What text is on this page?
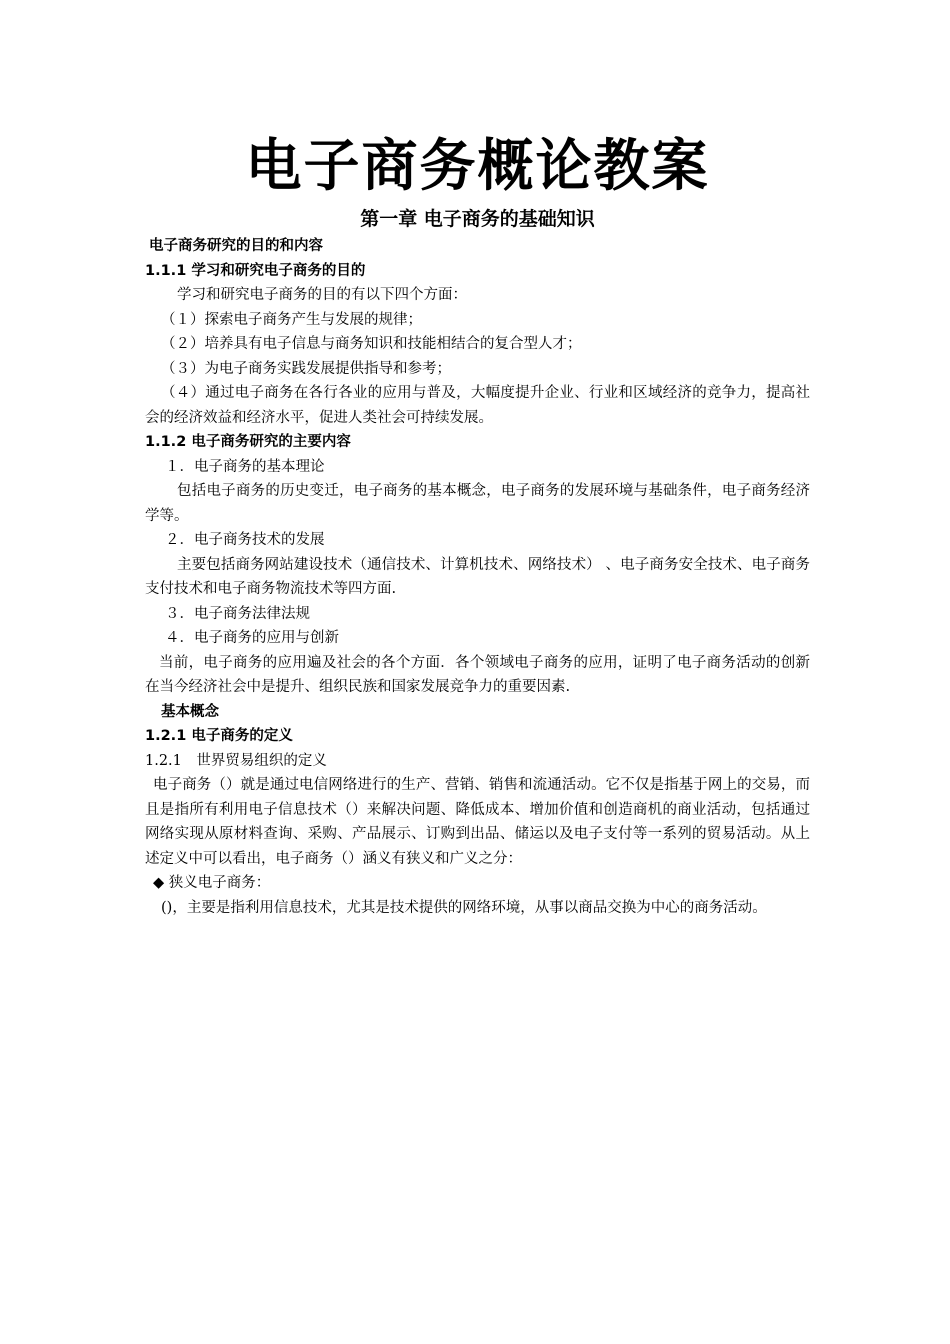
电子商务概论教案
第一章 电子商务的基础知识
电子商务研究的目的和内容
1.1.1 学习和研究电子商务的目的

学习和研究电子商务的目的有以下四个方面：

（１）探索电子商务产生与发展的规律；

（２）培养具有电子信息与商务知识和技能相结合的复合型人才；

（３）为电子商务实践发展提供指导和参考；

（４）通过电子商务在各行各业的应用与普及，大幅度提升企业、行业和区域经济的竞争力，提高社会的经济效益和经济水平，促进人类社会可持续发展。

1.1.2 电子商务研究的主要内容

１．电子商务的基本理论

包括电子商务的历史变迁，电子商务的基本概念，电子商务的发展环境与基础条件，电子商务经济学等。

２．电子商务技术的发展

主要包括商务网站建设技术（通信技术、计算机技术、网络技术） 、电子商务安全技术、电子商务支付技术和电子商务物流技术等四方面.

３．电子商务法律法规

４．电子商务的应用与创新

当前，电子商务的应用遍及社会的各个方面．各个领域电子商务的应用，证明了电子商务活动的创新在当今经济社会中是提升、组织民族和国家发展竞争力的重要因素.

基本概念
1.2.1 电子商务的定义

1.2.1　世界贸易组织的定义

电子商务（）就是通过电信网络进行的生产、营销、销售和流通活动。它不仅是指基于网上的交易，而且是指所有利用电子信息技术（）来解决问题、降低成本、增加价值和创造商机的商业活动，包括通过网络实现从原材料查询、采购、产品展示、订购到出品、储运以及电子支付等一系列的贸易活动。从上述定义中可以看出，电子商务（）涵义有狭义和广义之分：

◆ 狭义电子商务：

()，主要是指利用信息技术，尤其是技术提供的网络环境，从事以商品交换为中心的商务活动。
